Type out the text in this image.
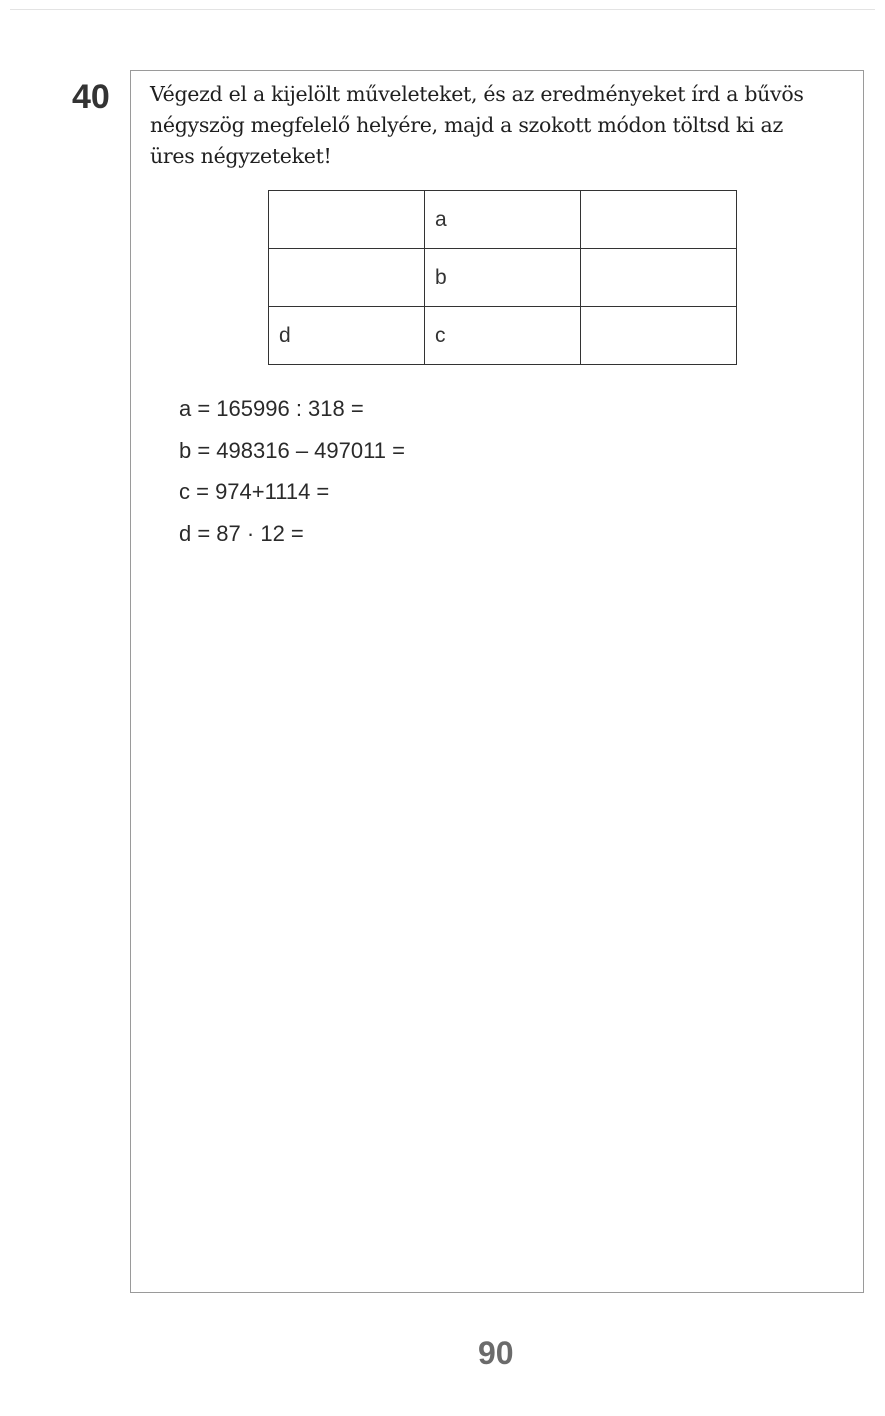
40 Végezd el a kijelölt műveleteket, és az eredményeket írd a bűvös
négyszög megfelelő helyére, majd a szokott módon töltsd ki az
üres négyzeteket!
	a	
	b	
d	c	
a = 165996 : 318 =
b = 498316 – 497011 =
c = 974+1114 =
d = 87 · 12 =
90
